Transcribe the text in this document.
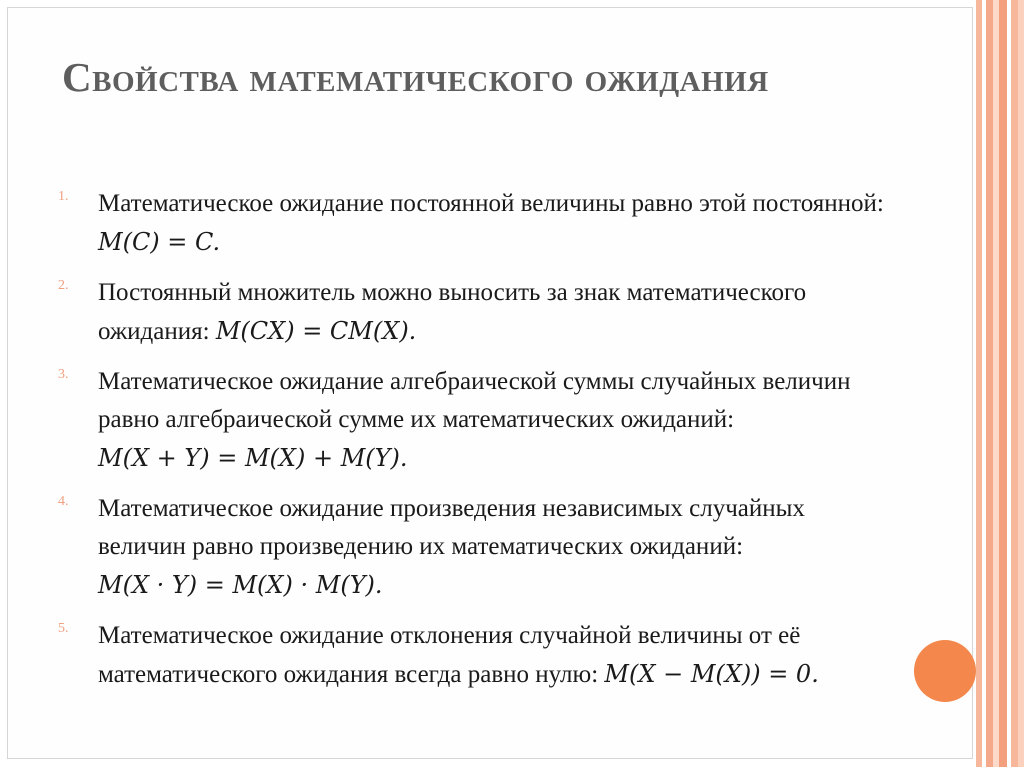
Свойства математического ожидания
1. Математическое ожидание постоянной величины равно этой постоянной: 𝑀(C) = C.
2. Постоянный множитель можно выносить за знак математического ожидания: 𝑀(C𝑋) = C𝑀(𝑋).
3. Математическое ожидание алгебраической суммы случайных величин равно алгебраической сумме их математических ожиданий: 𝑀(𝑋 + 𝑌) = 𝑀(𝑋) + 𝑀(𝑌).
4. Математическое ожидание произведения независимых случайных величин равно произведению их математических ожиданий: 𝑀(𝑋 · 𝑌) = 𝑀(𝑋) · 𝑀(𝑌).
5. Математическое ожидание отклонения случайной величины от её математического ожидания всегда равно нулю: 𝑀(𝑋 − 𝑀(𝑋)) = 0.
